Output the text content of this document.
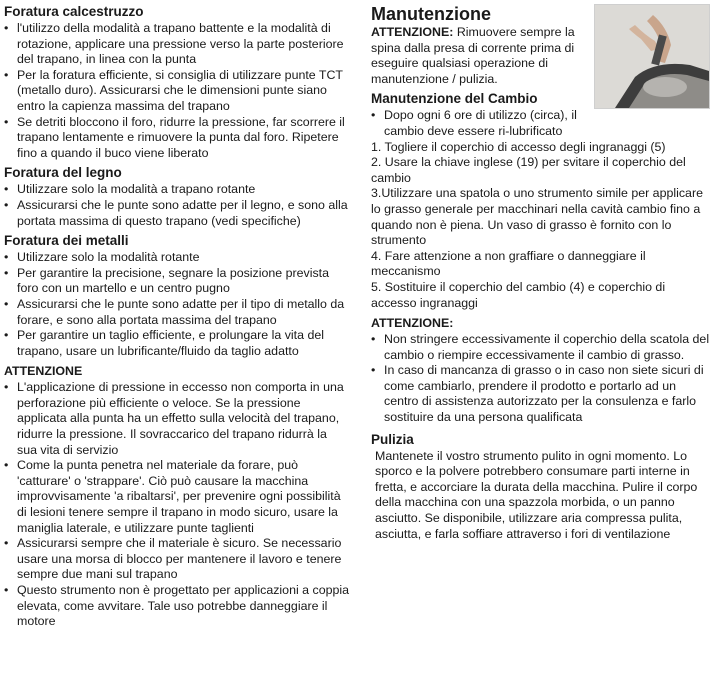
Foratura calcestruzzo
• l'utilizzo della modalità a trapano battente e la modalità di rotazione, applicare una pressione verso la parte posteriore del trapano, in linea con la punta
• Per la foratura efficiente, si consiglia di utilizzare punte TCT (metallo duro). Assicurarsi che le dimensioni punte siano entro la capienza massima del trapano
• Se detriti bloccono il foro, ridurre la pressione, far scorrere il trapano lentamente e rimuovere la punta dal foro. Ripetere fino a quando il buco viene liberato
Foratura del legno
• Utilizzare solo la modalità a trapano rotante
• Assicurarsi che le punte sono adatte per il legno, e sono alla portata massima di questo trapano (vedi specifiche)
Foratura dei metalli
• Utilizzare solo la modalità rotante
• Per garantire la precisione, segnare la posizione prevista foro con un martello e un centro pugno
• Assicurarsi che le punte sono adatte per il tipo di metallo da forare, e sono alla portata massima del trapano
• Per garantire un taglio efficiente, e prolungare la vita del trapano, usare un lubrificante/fluido da taglio adatto
ATTENZIONE
• L'applicazione di pressione in eccesso non comporta in una perforazione più efficiente o veloce. Se la pressione applicata alla punta ha un effetto sulla velocità del trapano, ridurre la pressione. Il sovraccarico del trapano ridurrà la sua vita di servizio
• Come la punta penetra nel materiale da forare, può 'catturare' o 'strappare'. Ciò può causare la macchina improvvisamente 'a ribaltarsi', per prevenire ogni possibilità di lesioni tenere sempre il trapano in modo sicuro, usare la maniglia laterale, e utilizzare punte taglienti
• Assicurarsi sempre che il materiale è sicuro. Se necessario usare una morsa di blocco per mantenere il lavoro e tenere sempre due mani sul trapano
• Questo strumento non è progettato per applicazioni a coppia elevata, come avvitare. Tale uso potrebbe danneggiare il motore
Manutenzione

ATTENZIONE: Rimuovere sempre la spina dalla presa di corrente prima di eseguire qualsiasi operazione di manutenzione / pulizia.

Manutenzione del Cambio
• Dopo ogni 6 ore di utilizzo (circa), il cambio deve essere ri-lubrificato
1. Togliere il coperchio di accesso degli ingranaggi (5)
2. Usare la chiave inglese (19) per svitare il coperchio del cambio
3.Utilizzare una spatola o uno strumento simile per applicare lo grasso generale per macchinari nella cavità cambio fino a quando non è piena. Un vaso di grasso è fornito con lo strumento
4. Fare attenzione a non graffiare o danneggiare il meccanismo
5. Sostituire il coperchio del cambio (4) e coperchio di accesso ingranaggi
ATTENZIONE:
• Non stringere eccessivamente il coperchio della scatola del cambio o riempire eccessivamente il cambio di grasso.
• In caso di mancanza di grasso o in caso non siete sicuri di come cambiarlo, prendere il prodotto e portarlo ad un centro di assistenza autorizzato per la consulenza e farlo sostituire da una persona qualificata
Pulizia

Mantenete il vostro strumento pulito in ogni momento. Lo sporco e la polvere potrebbero consumare parti interne in fretta, e accorciare la durata della macchina. Pulire il corpo della macchina con una spazzola morbida, o un panno asciutto. Se disponibile, utilizzare aria compressa pulita, asciutta, e farla soffiare attraverso i fori di ventilazione
